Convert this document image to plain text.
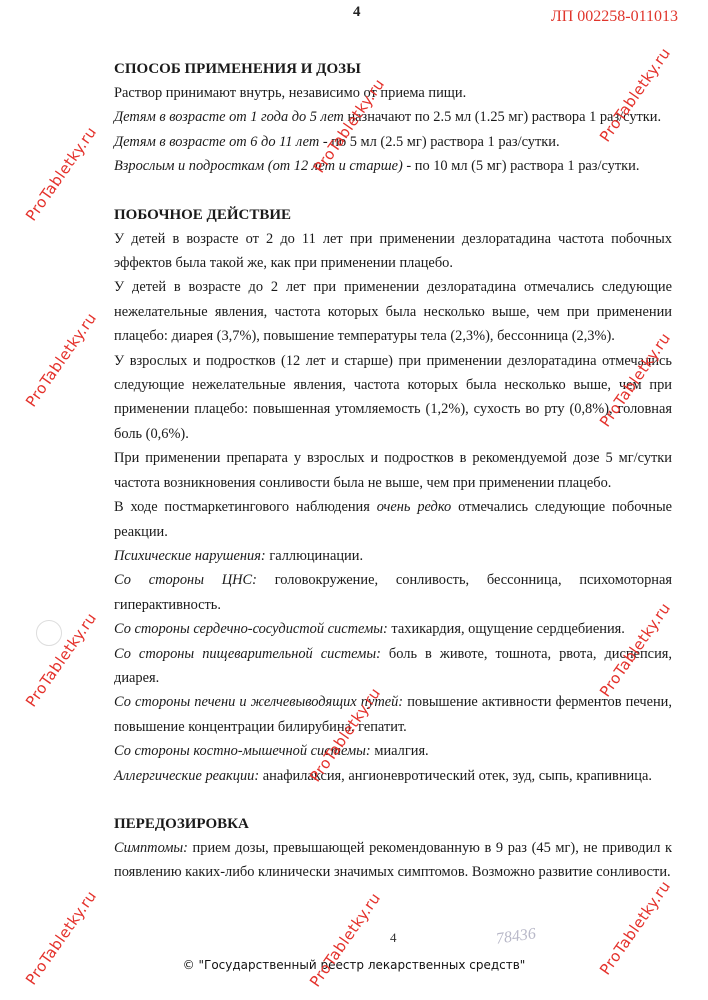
4	ЛП 002258-011013
СПОСОБ ПРИМЕНЕНИЯ И ДОЗЫ

Раствор принимают внутрь, независимо от приема пищи.

Детям в возрасте от 1 года до 5 лет назначают по 2.5 мл (1.25 мг) раствора 1 раз/сутки.

Детям в возрасте от 6 до 11 лет - по 5 мл (2.5 мг) раствора 1 раз/сутки.

Взрослым и подросткам (от 12 лет и старше) - по 10 мл (5 мг) раствора 1 раз/сутки.

ПОБОЧНОЕ ДЕЙСТВИЕ

У детей в возрасте от 2 до 11 лет при применении дезлоратадина частота побочных эффектов была такой же, как при применении плацебо.

У детей в возрасте до 2 лет при применении дезлоратадина отмечались следующие нежелательные явления, частота которых была несколько выше, чем при применении плацебо: диарея (3,7%), повышение температуры тела (2,3%), бессонница (2,3%).

У взрослых и подростков (12 лет и старше) при применении дезлоратадина отмечались следующие нежелательные явления, частота которых была несколько выше, чем при применении плацебо: повышенная утомляемость (1,2%), сухость во рту (0,8%), головная боль (0,6%).

При применении препарата у взрослых и подростков в рекомендуемой дозе 5 мг/сутки частота возникновения сонливости была не выше, чем при применении плацебо.

В ходе постмаркетингового наблюдения очень редко отмечались следующие побочные реакции.

Психические нарушения: галлюцинации.

Со стороны ЦНС: головокружение, сонливость, бессонница, психомоторная гиперактивность.

Со стороны сердечно-сосудистой системы: тахикардия, ощущение сердцебиения.

Со стороны пищеварительной системы: боль в животе, тошнота, рвота, диспепсия, диарея.

Со стороны печени и желчевыводящих путей: повышение активности ферментов печени, повышение концентрации билирубина, гепатит.

Со стороны костно-мышечной системы: миалгия.

Аллергические реакции: анафилаксия, ангионевротический отек, зуд, сыпь, крапивница.

ПЕРЕДОЗИРОВКА

Симптомы: прием дозы, превышающей рекомендованную в 9 раз (45 мг), не приводил к появлению каких-либо клинически значимых симптомов. Возможно развитие сонливости.

4	78436
© "Государственный реестр лекарственных средств"
ProTabletky.ru
ProTabletky.ru
ProTabletky.ru
ProTabletky.ru
ProTabletky.ru
ProTabletky.ru
ProTabletky.ru
ProTabletky.ru
ProTabletky.ru
ProTabletky.ru
ProTabletky.ru
